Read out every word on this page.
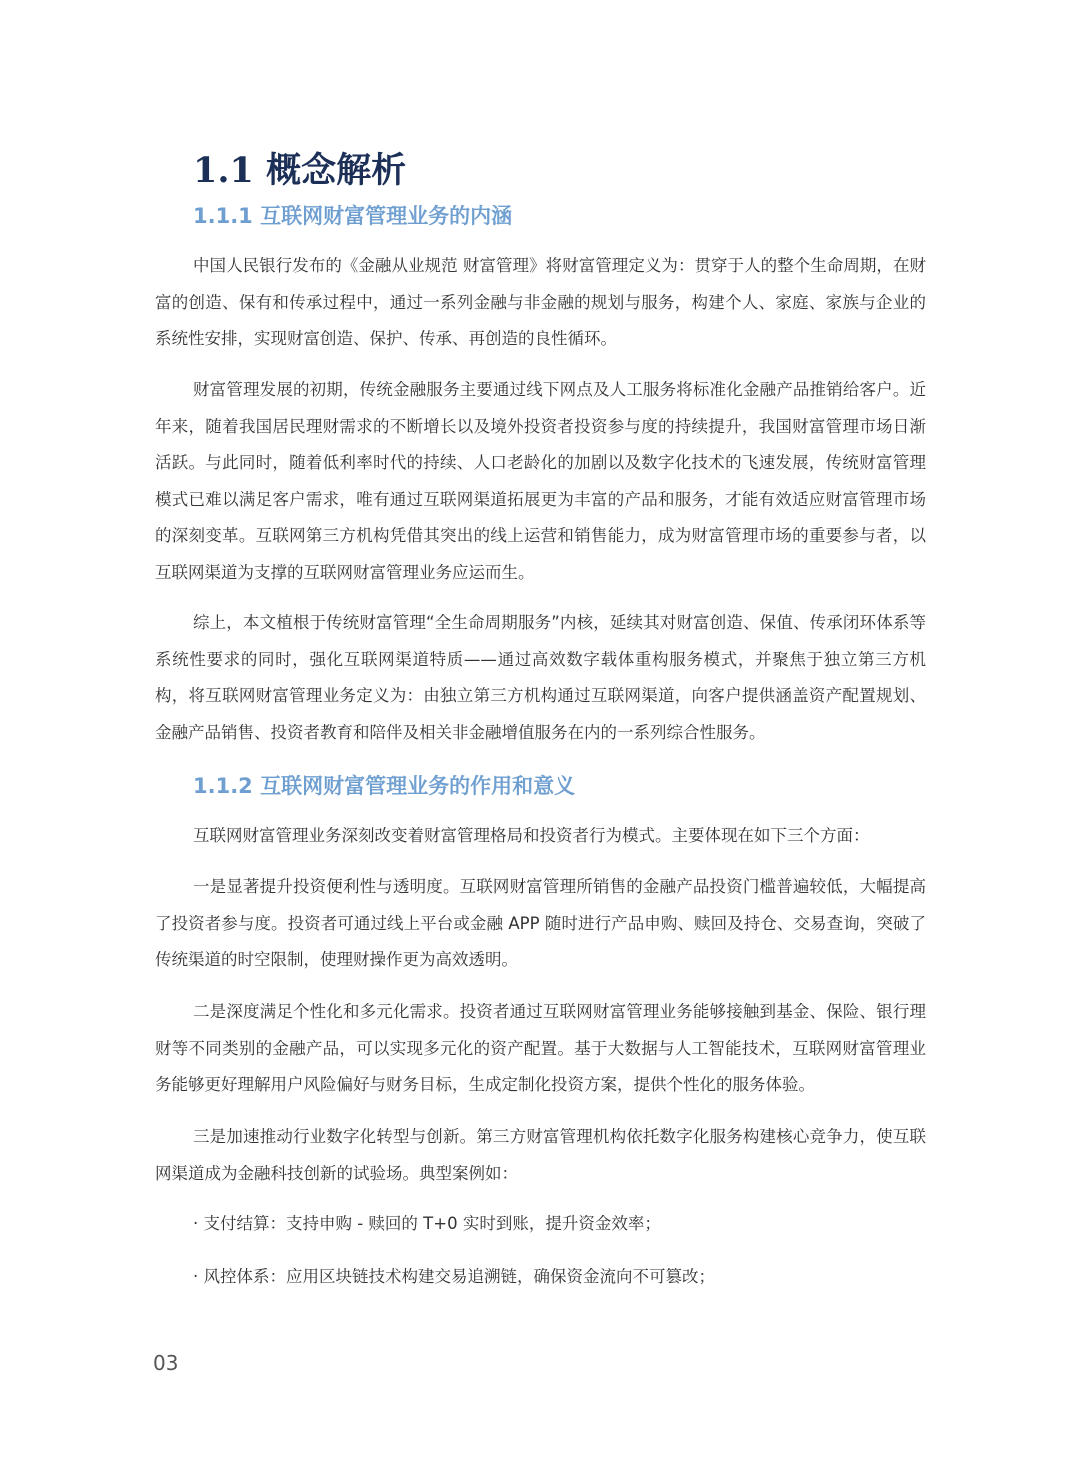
1.1 概念解析
1.1.1 互联网财富管理业务的内涵

中国人民银行发布的《金融从业规范 财富管理》将财富管理定义为：贯穿于人的整个生命周期，在财富的创造、保有和传承过程中，通过一系列金融与非金融的规划与服务，构建个人、家庭、家族与企业的系统性安排，实现财富创造、保护、传承、再创造的良性循环。

财富管理发展的初期，传统金融服务主要通过线下网点及人工服务将标准化金融产品推销给客户。近年来，随着我国居民理财需求的不断增长以及境外投资者投资参与度的持续提升，我国财富管理市场日渐活跃。与此同时，随着低利率时代的持续、人口老龄化的加剧以及数字化技术的飞速发展，传统财富管理模式已难以满足客户需求，唯有通过互联网渠道拓展更为丰富的产品和服务，才能有效适应财富管理市场的深刻变革。互联网第三方机构凭借其突出的线上运营和销售能力，成为财富管理市场的重要参与者，以互联网渠道为支撑的互联网财富管理业务应运而生。

综上，本文植根于传统财富管理“全生命周期服务”内核，延续其对财富创造、保值、传承闭环体系等系统性要求的同时，强化互联网渠道特质——通过高效数字载体重构服务模式，并聚焦于独立第三方机构，将互联网财富管理业务定义为：由独立第三方机构通过互联网渠道，向客户提供涵盖资产配置规划、金融产品销售、投资者教育和陪伴及相关非金融增值服务在内的一系列综合性服务。

1.1.2 互联网财富管理业务的作用和意义

互联网财富管理业务深刻改变着财富管理格局和投资者行为模式。主要体现在如下三个方面：

一是显著提升投资便利性与透明度。互联网财富管理所销售的金融产品投资门槛普遍较低，大幅提高了投资者参与度。投资者可通过线上平台或金融 APP 随时进行产品申购、赎回及持仓、交易查询，突破了传统渠道的时空限制，使理财操作更为高效透明。

二是深度满足个性化和多元化需求。投资者通过互联网财富管理业务能够接触到基金、保险、银行理财等不同类别的金融产品，可以实现多元化的资产配置。基于大数据与人工智能技术，互联网财富管理业务能够更好理解用户风险偏好与财务目标，生成定制化投资方案，提供个性化的服务体验。

三是加速推动行业数字化转型与创新。第三方财富管理机构依托数字化服务构建核心竞争力，使互联网渠道成为金融科技创新的试验场。典型案例如：

· 支付结算：支持申购 - 赎回的 T+0 实时到账，提升资金效率；

· 风控体系：应用区块链技术构建交易追溯链，确保资金流向不可篡改；

03
